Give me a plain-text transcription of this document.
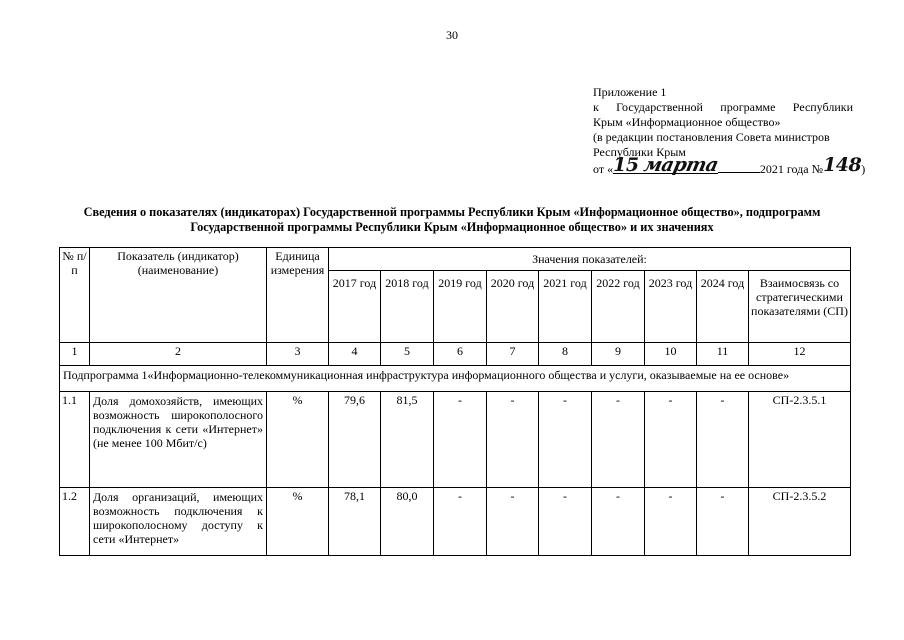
30
Приложение 1
к Государственной программе Республики
Крым «Информационное общество»
(в редакции постановления Совета министров
Республики Крым
от «15 марта	2021 года №148)
Сведения о показателях (индикаторах) Государственной программы Республики Крым «Информационное общество», подпрограмм
Государственной программы Республики Крым «Информационное общество» и их значениях
№ п/п	Показатель (индикатор) (наименование)	Единица измерения	Значения показателей:								
			2017 год	2018 год	2019 год	2020 год	2021 год	2022 год	2023 год	2024 год	Взаимосвязь со стратегическими показателями (СП)
1	2	3	4	5	6	7	8	9	10	11	12
Подпрограмма 1«Информационно-телекоммуникационная инфраструктура информационного общества и услуги, оказываемые на ее основе»											
1.1	Доля домохозяйств, имеющих возможность широкополосного подключения к сети «Интернет» (не менее 100 Мбит/с)	%	79,6	81,5	-	-	-	-	-	-	СП-2.3.5.1
1.2	Доля организаций, имеющих возможность подключения к широкополосному доступу к сети «Интернет»	%	78,1	80,0	-	-	-	-	-	-	СП-2.3.5.2
